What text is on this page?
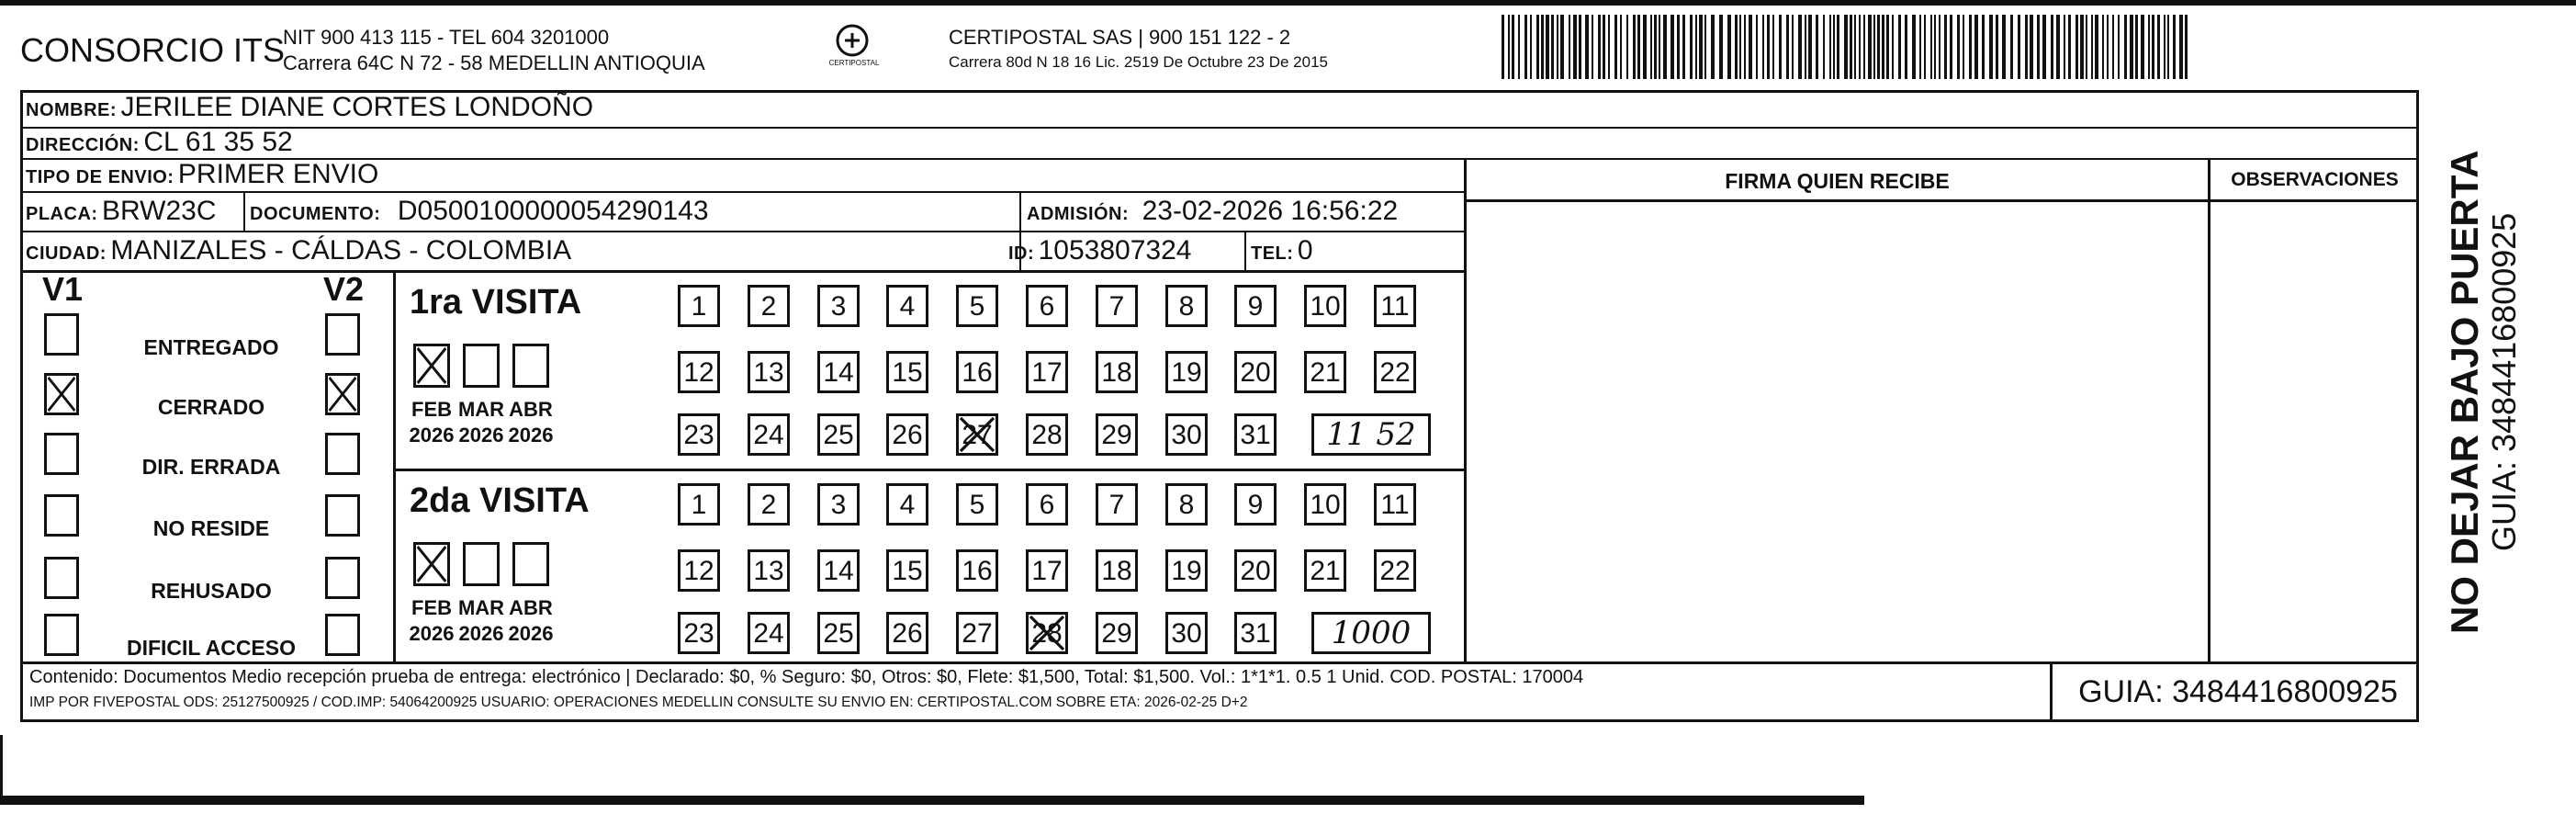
CONSORCIO ITS
NIT 900 413 115 - TEL 604 3201000
Carrera 64C N 72 - 58 MEDELLIN ANTIOQUIA	CERTIPOSTAL
CERTIPOSTAL SAS | 900 151 122 - 2
Carrera 80d N 18 16 Lic. 2519 De Octubre 23 De 2015
NOMBRE: JERILEE DIANE CORTES LONDOÑO
DIRECCIÓN: CL 61 35 52
TIPO DE ENVIO: PRIMER ENVIO
PLACA: BRW23C DOCUMENTO: D0500100000054290143	ADMISIÓN: 23-02-2026 16:56:22
CIUDAD: MANIZALES - CÁLDAS - COLOMBIA	ID: 1053807324	TEL: 0
FIRMA QUIEN RECIBE	OBSERVACIONES
V1	V2
ENTREGADO
CERRADO
DIR. ERRADA
NO RESIDE
REHUSADO
DIFICIL ACCESO
1ra VISITA
FEB
2026
MAR
2026
ABR
2026
1	2	3	4	5	6	7	8	9	10 11
12 13 14 15 16 17 18 19 20 21 22
23 24 25 26 27 28 29 30 31	11 52
2da VISITA
FEB
2026
MAR
2026
ABR
2026
1	2	3	4	5	6	7	8	9	10 11
12 13 14 15 16 17 18 19 20 21 22
23 24 25 26 27 28 29 30 31	1000
Contenido: Documentos Medio recepción prueba de entrega: electrónico | Declarado: $0, % Seguro: $0, Otros: $0, Flete: $1,500, Total: $1,500. Vol.: 1*1*1. 0.5 1 Unid. COD. POSTAL: 170004
IMP POR FIVEPOSTAL ODS: 25127500925 / COD.IMP: 54064200925 USUARIO: OPERACIONES MEDELLIN CONSULTE SU ENVIO EN: CERTIPOSTAL.COM SOBRE ETA: 2026-02-25 D+2	GUIA: 3484416800925
NO DEJAR BAJO PUERTA GUIA: 3484416800925
